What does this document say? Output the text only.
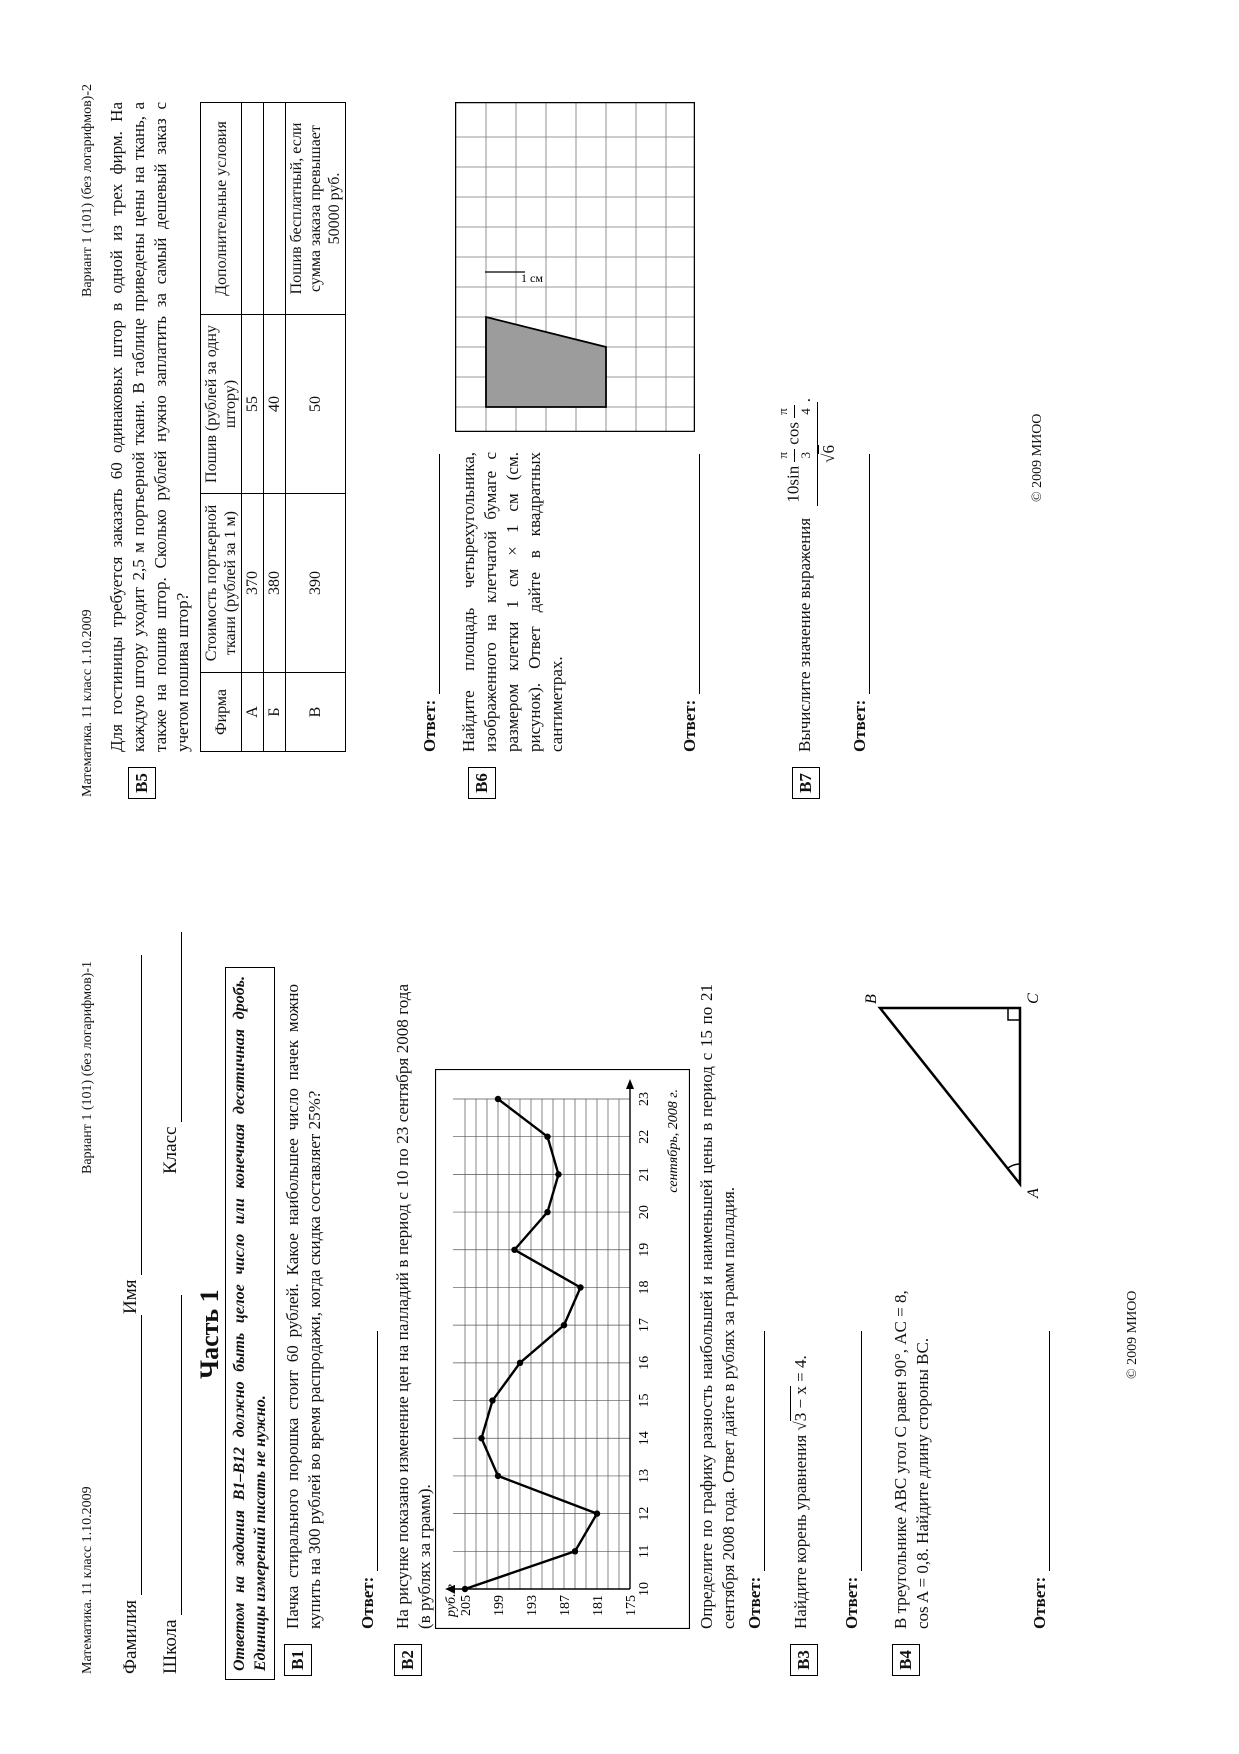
Математика. 11 класс 1.10.2009
Вариант 1 (101) (без логарифмов)-1
Фамилия
Имя
Школа
Класс
Часть 1 Ответом на задания В1–В12 должно быть целое число или конечная десятичная дробь. Единицы измерений писать не нужно.	B1
Пачка стирального порошка стоит 60 рублей. Какое наибольшее число пачек можно купить на 300 рублей во время распродажи, когда скидка составляет 25%? Ответ:
B2
На рисунке показано изменение цен на палладий в период с 10 по 23 сентября 2008 года (в рублях за грамм).	10
11
12
13
14
15
16
17
18
19
20
21
22
23
175
181
187
193
199
205
руб./г
сентябрь, 2008 г. Определите по графику разность наибольшей и наименьшей цены в период с 15 по 21 сентября 2008 года. Ответ дайте в рублях за грамм палладия. Ответ:
B3
Найдите корень уравнения √3 − x = 4.
Ответ:
B4
В треугольнике ABC угол C равен 90°, AC = 8, cos A = 0,8. Найдите длину стороны BC.
A
C
B
Ответ:
© 2009 МИОО
Математика. 11 класс 1.10.2009
Вариант 1 (101) (без логарифмов)-2
B5
Для гостиницы требуется заказать 60 одинаковых штор в одной из трех фирм. На каждую штору уходит 2,5 м портьерной ткани. В таблице приведены цены на ткань, а также на пошив штор. Сколько рублей нужно заплатить за самый дешевый заказ с учетом пошива штор? Фирма	Стоимость портьерной ткани (рублей за 1 м)	Пошив (рублей за одну штору)	Дополнительные условия
А	370	55	
Б	380	40	
В	390	50	Пошив бесплатный, если сумма заказа превышает 50000 руб.
Ответ:
B6
Найдите площадь четырехугольника, изображенного на клетчатой бумаге с размером клетки 1 см × 1 см (см. рисунок). Ответ дайте в квадратных сантиметрах.
1 см
Ответ:
B7
Вычислите значение выражения
10sin
π 3
cos
π 4
√6
.
Ответ:
© 2009 МИОО
